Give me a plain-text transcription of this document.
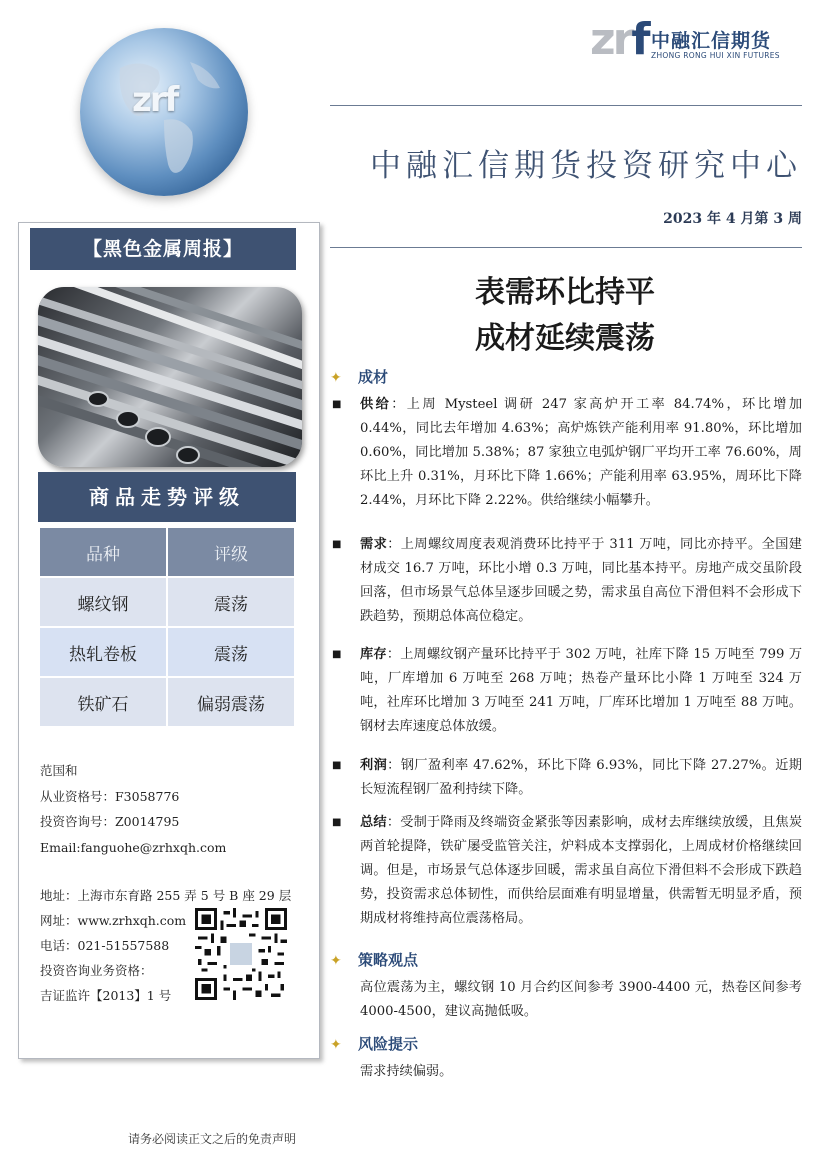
zrf
zrf 中融汇信期货
ZHONG RONG HUI XIN FUTURES
中融汇信期货投资研究中心
2023 年 4 月第 3 周
【黑色金属周报】
商品走势评级
品种	评级
螺纹钢	震荡
热轧卷板	震荡
铁矿石	偏弱震荡
范国和
从业资格号：F3058776
投资咨询号：Z0014795
Email:fanguohe@zrhxqh.com
地址：上海市东育路 255 弄 5 号 B 座 29 层
网址：www.zrhxqh.com
电话：021-51557588
投资咨询业务资格：
吉证监许【2013】1 号
请务必阅读正文之后的免责声明
表需环比持平
成材延续震荡
✦ 成材
■ 供给：上周 Mysteel 调研 247 家高炉开工率 84.74%，环比增加 0.44%，同比去年增加 4.63%；高炉炼铁产能利用率 91.80%，环比增加 0.60%，同比增加 5.38%；87 家独立电弧炉钢厂平均开工率 76.60%，周环比上升 0.31%，月环比下降 1.66%；产能利用率 63.95%，周环比下降 2.44%，月环比下降 2.22%。供给继续小幅攀升。
■ 需求：上周螺纹周度表观消费环比持平于 311 万吨，同比亦持平。全国建材成交 16.7 万吨，环比小增 0.3 万吨，同比基本持平。房地产成交虽阶段回落，但市场景气总体呈逐步回暖之势，需求虽自高位下滑但料不会形成下跌趋势，预期总体高位稳定。
■ 库存：上周螺纹钢产量环比持平于 302 万吨，社库下降 15 万吨至 799 万吨，厂库增加 6 万吨至 268 万吨；热卷产量环比小降 1 万吨至 324 万吨，社库环比增加 3 万吨至 241 万吨，厂库环比增加 1 万吨至 88 万吨。钢材去库速度总体放缓。
■ 利润：钢厂盈利率 47.62%，环比下降 6.93%，同比下降 27.27%。近期长短流程钢厂盈利持续下降。
■ 总结：受制于降雨及终端资金紧张等因素影响，成材去库继续放缓，且焦炭两首轮提降，铁矿屡受监管关注，炉料成本支撑弱化，上周成材价格继续回调。但是，市场景气总体逐步回暖，需求虽自高位下滑但料不会形成下跌趋势，投资需求总体韧性，而供给层面难有明显增量，供需暂无明显矛盾，预期成材将维持高位震荡格局。
✦ 策略观点
高位震荡为主，螺纹钢 10 月合约区间参考 3900-4400 元，热卷区间参考 4000-4500，建议高抛低吸。
✦ 风险提示
需求持续偏弱。
